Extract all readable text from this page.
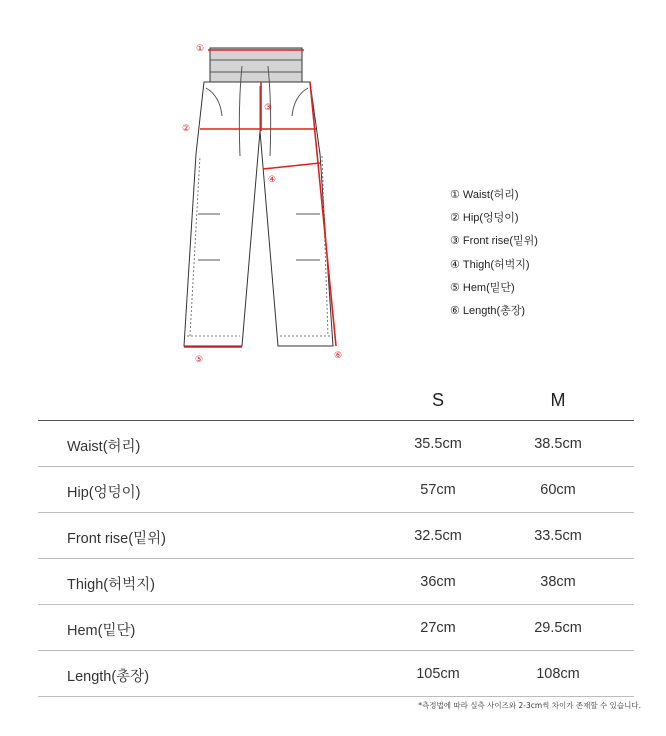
①
②
③
④
⑤	⑥
① Waist(허리)
② Hip(엉덩이)
③ Front rise(밑위)
④ Thigh(허벅지)
⑤ Hem(밑단)
⑥ Length(총장)
S	M
Waist(허리)	35.5cm	38.5cm
Hip(엉덩이)	57cm	60cm
Front rise(밑위)	32.5cm	33.5cm
Thigh(허벅지)	36cm	38cm
Hem(밑단)	27cm	29.5cm
Length(총장)	105cm	108cm
*측정법에 따라 실측 사이즈와 2-3cm씩 차이가 존재할 수 있습니다.
